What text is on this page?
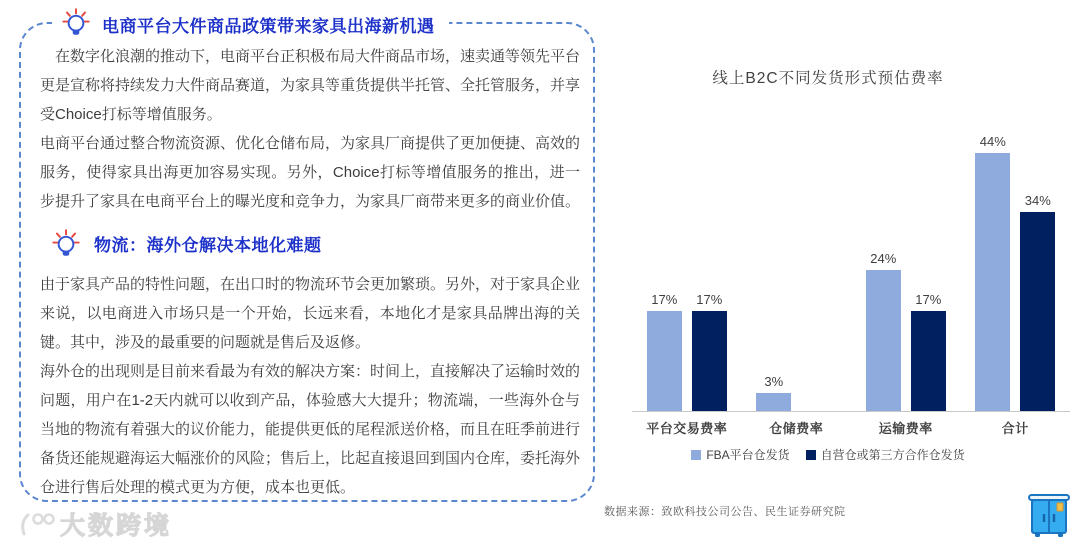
电商平台大件商品政策带来家具出海新机遇

在数字化浪潮的推动下，电商平台正积极布局大件商品市场，速卖通等领先平台更是宣称将持续发力大件商品赛道，为家具等重货提供半托管、全托管服务，并享受Choice打标等增值服务。

电商平台通过整合物流资源、优化仓储布局，为家具厂商提供了更加便捷、高效的服务，使得家具出海更加容易实现。另外，Choice打标等增值服务的推出，进一步提升了家具在电商平台上的曝光度和竞争力，为家具厂商带来更多的商业价值。

物流：海外仓解决本地化难题

由于家具产品的特性问题，在出口时的物流环节会更加繁琐。另外，对于家具企业来说，以电商进入市场只是一个开始，长远来看，本地化才是家具品牌出海的关键。其中，涉及的最重要的问题就是售后及返修。

海外仓的出现则是目前来看最为有效的解决方案：时间上，直接解决了运输时效的问题，用户在1-2天内就可以收到产品，体验感大大提升；物流端，一些海外仓与当地的物流有着强大的议价能力，能提供更低的尾程派送价格，而且在旺季前进行备货还能规避海运大幅涨价的风险；售后上，比起直接退回到国内仓库，委托海外仓进行售后处理的模式更为方便，成本也更低。

线上B2C不同发货形式预估费率
17% 17%
3%
24%
17%
44%
34%
平台交易费率	仓储费率	运输费率	合计
FBA平台仓发货	自营仓或第三方合作仓发货
数据来源：致欧科技公司公告、民生证券研究院
大数跨境
